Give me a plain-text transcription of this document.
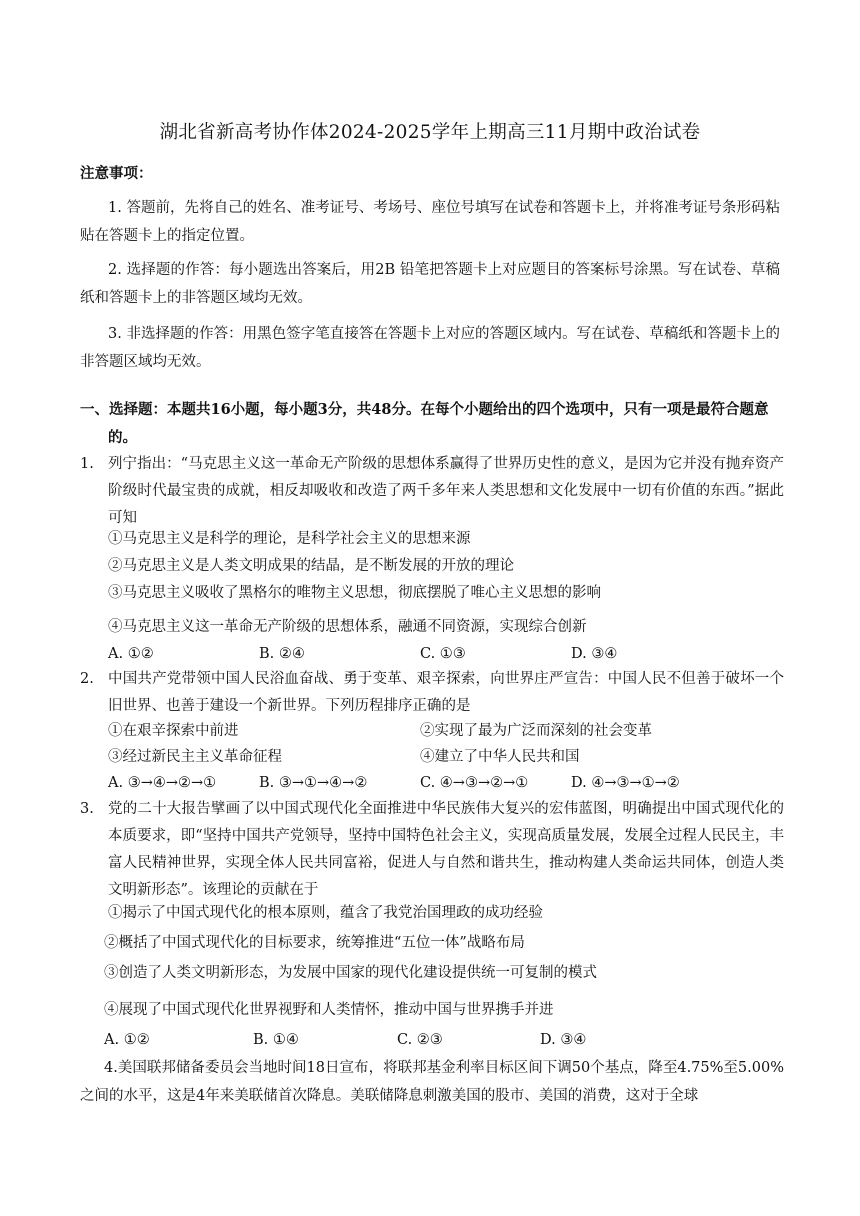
湖北省新高考协作体2024-2025学年上期高三11月期中政治试卷
注意事项：
1. 答题前，先将自己的姓名、准考证号、考场号、座位号填写在试卷和答题卡上，并将准考证号条形码粘贴在答题卡上的指定位置。
2. 选择题的作答：每小题选出答案后，用2B 铅笔把答题卡上对应题目的答案标号涂黑。写在试卷、草稿纸和答题卡上的非答题区域均无效。
3. 非选择题的作答：用黑色签字笔直接答在答题卡上对应的答题区域内。写在试卷、草稿纸和答题卡上的非答题区域均无效。
一、选择题：本题共16小题，每小题3分，共48分。在每个小题给出的四个选项中，只有一项是最符合题意的。
1. 列宁指出：“马克思主义这一革命无产阶级的思想体系赢得了世界历史性的意义，是因为它并没有抛弃资产阶级时代最宝贵的成就，相反却吸收和改造了两千多年来人类思想和文化发展中一切有价值的东西。”据此可知
①马克思主义是科学的理论，是科学社会主义的思想来源
②马克思主义是人类文明成果的结晶，是不断发展的开放的理论
③马克思主义吸收了黑格尔的唯物主义思想，彻底摆脱了唯心主义思想的影响
④马克思主义这一革命无产阶级的思想体系，融通不同资源，实现综合创新
A. ①②	B. ②④	C. ①③	D. ③④
2. 中国共产党带领中国人民浴血奋战、勇于变革、艰辛探索，向世界庄严宣告：中国人民不但善于破坏一个旧世界、也善于建设一个新世界。下列历程排序正确的是
①在艰辛探索中前进	②实现了最为广泛而深刻的社会变革
③经过新民主主义革命征程	④建立了中华人民共和国
A. ③→④→②→①	B. ③→①→④→②	C. ④→③→②→①	D. ④→③→①→②
3. 党的二十大报告擘画了以中国式现代化全面推进中华民族伟大复兴的宏伟蓝图，明确提出中国式现代化的本质要求，即“坚持中国共产党领导，坚持中国特色社会主义，实现高质量发展，发展全过程人民民主，丰富人民精神世界，实现全体人民共同富裕，促进人与自然和谐共生，推动构建人类命运共同体，创造人类文明新形态”。该理论的贡献在于
①揭示了中国式现代化的根本原则，蕴含了我党治国理政的成功经验
②概括了中国式现代化的目标要求，统筹推进“五位一体”战略布局
③创造了人类文明新形态，为发展中国家的现代化建设提供统一可复制的模式
④展现了中国式现代化世界视野和人类情怀，推动中国与世界携手并进
A. ①②	B. ①④	C. ②③	D. ③④
4.美国联邦储备委员会当地时间18日宣布，将联邦基金利率目标区间下调50个基点，降至4.75%至5.00%之间的水平，这是4年来美联储首次降息。美联储降息刺激美国的股市、美国的消费，这对于全球
